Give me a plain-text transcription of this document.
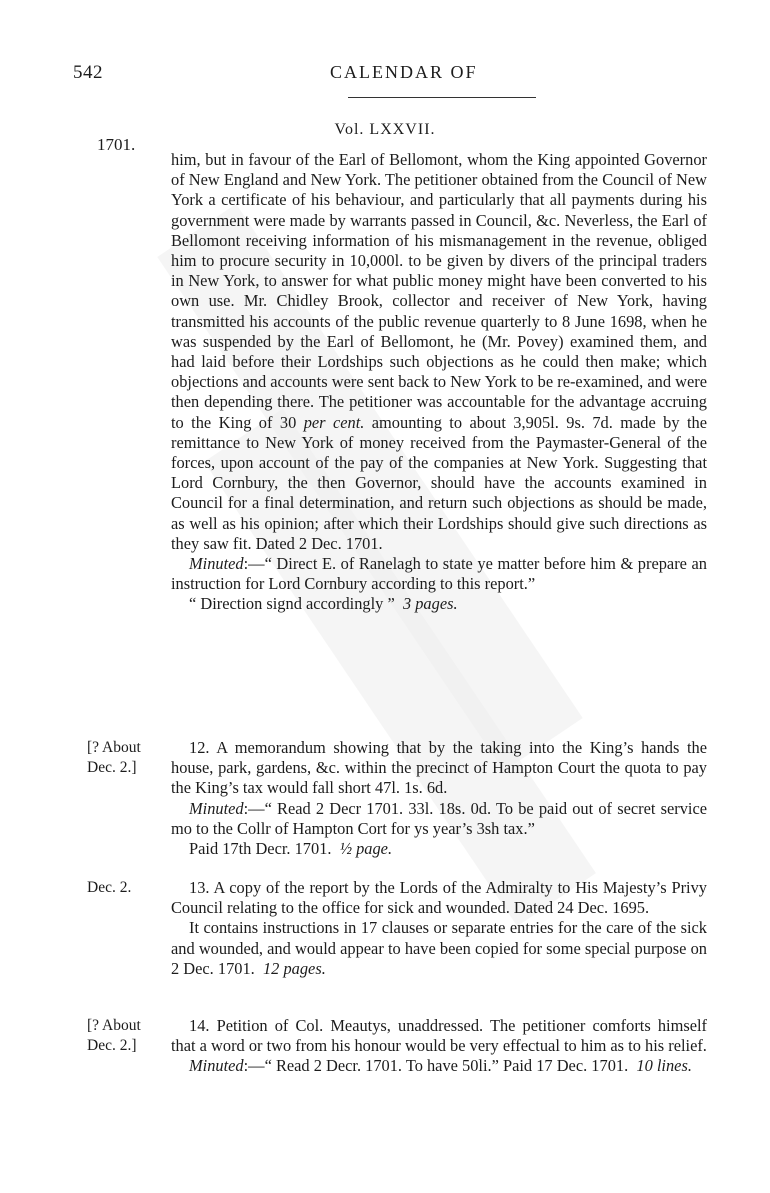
542	CALENDAR OF
Vol. LXXVII.
1701.

him, but in favour of the Earl of Bellomont, whom the King appointed Governor of New England and New York. The petitioner obtained from the Council of New York a certificate of his behaviour, and particularly that all payments during his government were made by warrants passed in Council, &c. Neverless, the Earl of Bellomont receiving information of his mismanagement in the revenue, obliged him to procure security in 10,000l. to be given by divers of the principal traders in New York, to answer for what public money might have been converted to his own use. Mr. Chidley Brook, collector and receiver of New York, having transmitted his accounts of the public revenue quarterly to 8 June 1698, when he was suspended by the Earl of Bellomont, he (Mr. Povey) examined them, and had laid before their Lordships such objections as he could then make; which objections and accounts were sent back to New York to be re-examined, and were then depending there. The petitioner was accountable for the advantage accruing to the King of 30 per cent. amounting to about 3,905l. 9s. 7d. made by the remittance to New York of money received from the Paymaster-General of the forces, upon account of the pay of the companies at New York. Suggesting that Lord Cornbury, the then Governor, should have the accounts examined in Council for a final determination, and return such objections as should be made, as well as his opinion; after which their Lordships should give such directions as they saw fit. Dated 2 Dec. 1701.

Minuted:—“ Direct E. of Ranelagh to state ye matter before him & prepare an instruction for Lord Cornbury according to this report.”

“ Direction signd accordingly ” 3 pages.

[? About Dec. 2.]

12. A memorandum showing that by the taking into the King’s hands the house, park, gardens, &c. within the precinct of Hampton Court the quota to pay the King’s tax would fall short 47l. 1s. 6d.

Minuted:—“ Read 2 Decr 1701. 33l. 18s. 0d. To be paid out of secret service mo to the Collr of Hampton Cort for ys year’s 3sh tax.”

Paid 17th Decr. 1701. ½ page.

Dec. 2.	13. A copy of the report by the Lords of the Admiralty to His Majesty’s Privy Council relating to the office for sick and wounded. Dated 24 Dec. 1695.

It contains instructions in 17 clauses or separate entries for the care of the sick and wounded, and would appear to have been copied for some special purpose on 2 Dec. 1701. 12 pages.

[? About Dec. 2.]

14. Petition of Col. Meautys, unaddressed. The petitioner comforts himself that a word or two from his honour would be very effectual to him as to his relief.

Minuted:—“ Read 2 Decr. 1701. To have 50li.” Paid 17 Dec. 1701. 10 lines.
